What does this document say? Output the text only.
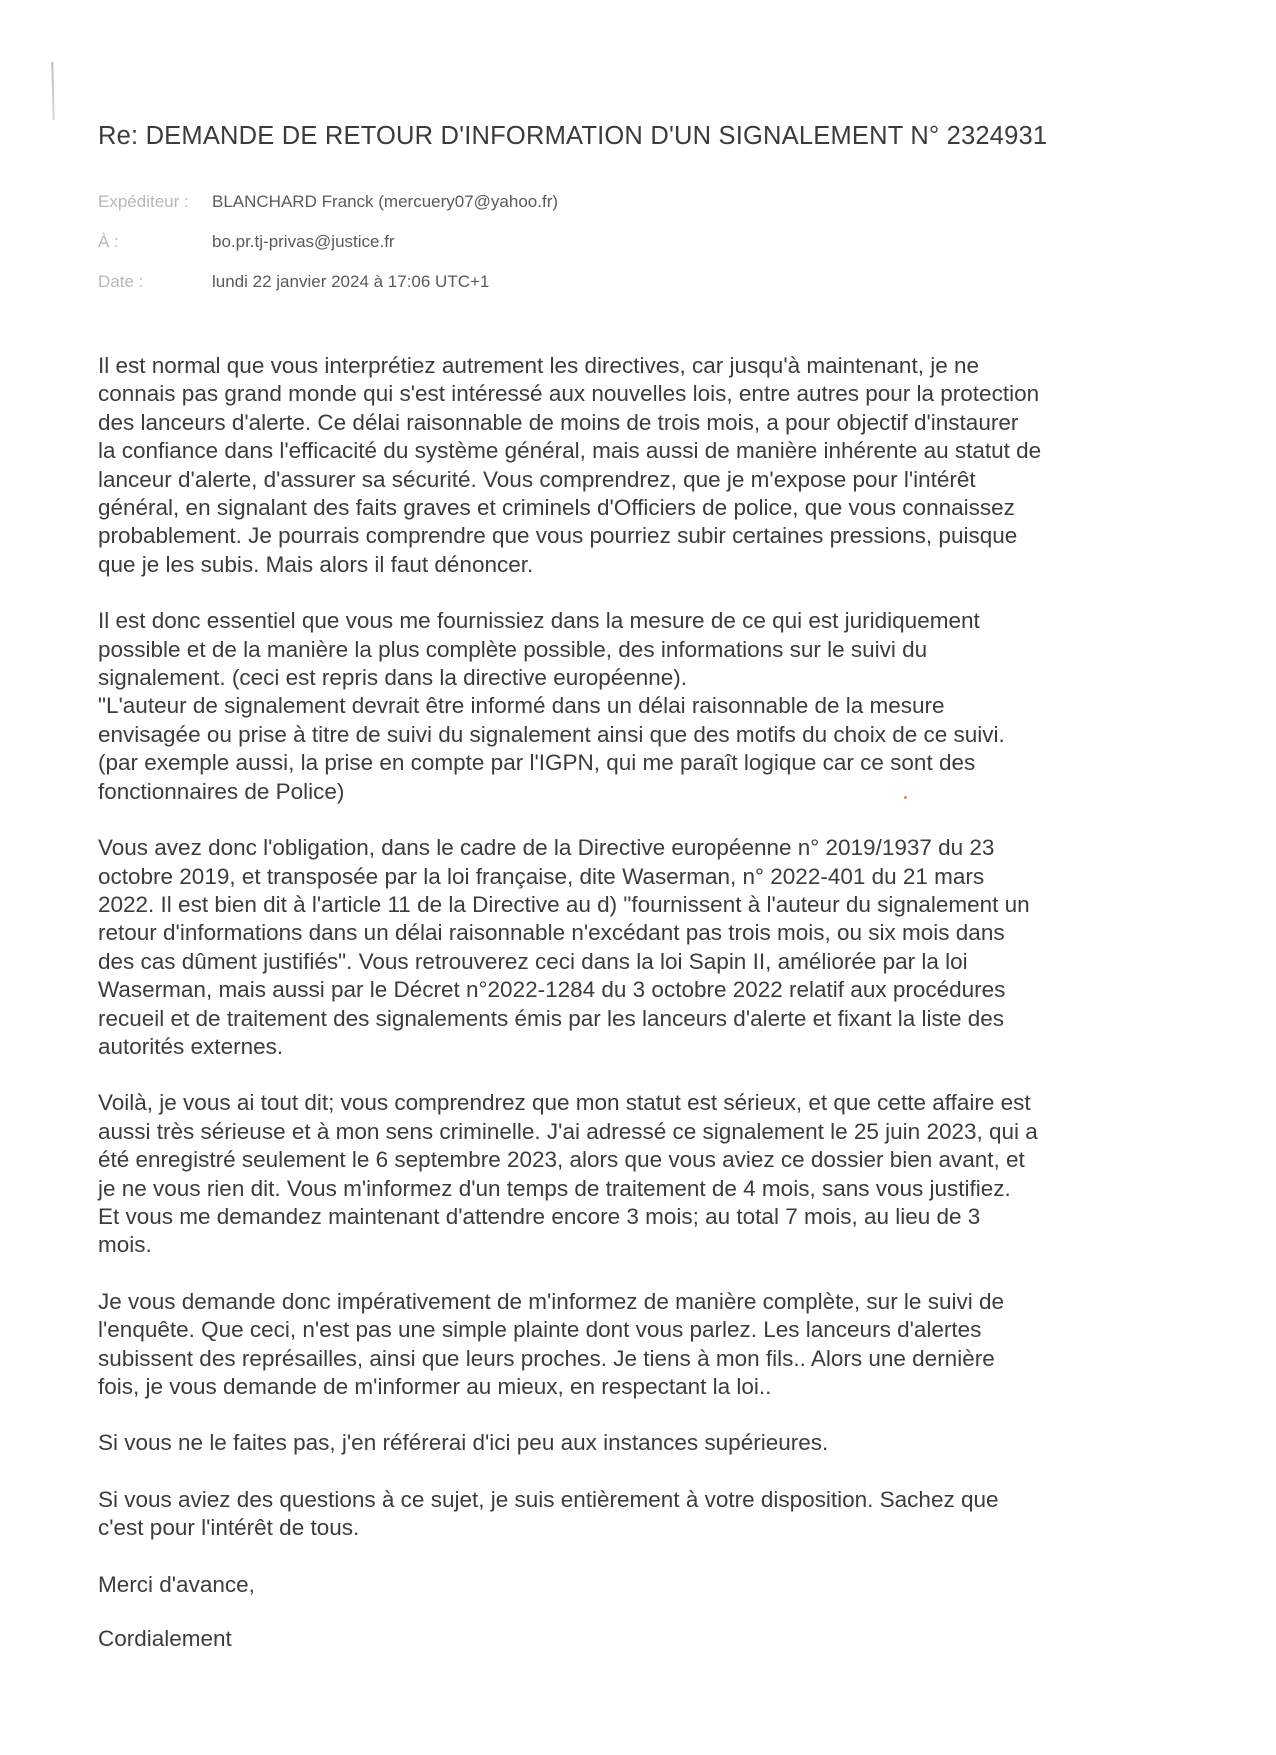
Re: DEMANDE DE RETOUR D'INFORMATION D'UN SIGNALEMENT N° 2324931
Expéditeur : BLANCHARD Franck (mercuery07@yahoo.fr)
À :	bo.pr.tj-privas@justice.fr
Date :	lundi 22 janvier 2024 à 17:06 UTC+1
Il est normal que vous interprétiez autrement les directives, car jusqu'à maintenant, je ne
connais pas grand monde qui s'est intéressé aux nouvelles lois, entre autres pour la protection
des lanceurs d'alerte. Ce délai raisonnable de moins de trois mois, a pour objectif d'instaurer
la confiance dans l'efficacité du système général, mais aussi de manière inhérente au statut de
lanceur d'alerte, d'assurer sa sécurité. Vous comprendrez, que je m'expose pour l'intérêt
général, en signalant des faits graves et criminels d'Officiers de police, que vous connaissez
probablement. Je pourrais comprendre que vous pourriez subir certaines pressions, puisque
que je les subis. Mais alors il faut dénoncer.
Il est donc essentiel que vous me fournissiez dans la mesure de ce qui est juridiquement
possible et de la manière la plus complète possible, des informations sur le suivi du
signalement. (ceci est repris dans la directive européenne).
"L'auteur de signalement devrait être informé dans un délai raisonnable de la mesure
envisagée ou prise à titre de suivi du signalement ainsi que des motifs du choix de ce suivi.
(par exemple aussi, la prise en compte par l'IGPN, qui me paraît logique car ce sont des
fonctionnaires de Police)
Vous avez donc l'obligation, dans le cadre de la Directive européenne n° 2019/1937 du 23
octobre 2019, et transposée par la loi française, dite Waserman, n° 2022-401 du 21 mars
2022. Il est bien dit à l'article 11 de la Directive au d) "fournissent à l'auteur du signalement un
retour d'informations dans un délai raisonnable n'excédant pas trois mois, ou six mois dans
des cas dûment justifiés". Vous retrouverez ceci dans la loi Sapin II, améliorée par la loi
Waserman, mais aussi par le Décret n°2022-1284 du 3 octobre 2022 relatif aux procédures
recueil et de traitement des signalements émis par les lanceurs d'alerte et fixant la liste des
autorités externes.
Voilà, je vous ai tout dit; vous comprendrez que mon statut est sérieux, et que cette affaire est
aussi très sérieuse et à mon sens criminelle. J'ai adressé ce signalement le 25 juin 2023, qui a
été enregistré seulement le 6 septembre 2023, alors que vous aviez ce dossier bien avant, et
je ne vous rien dit. Vous m'informez d'un temps de traitement de 4 mois, sans vous justifiez.
Et vous me demandez maintenant d'attendre encore 3 mois; au total 7 mois, au lieu de 3
mois.
Je vous demande donc impérativement de m'informez de manière complète, sur le suivi de
l'enquête. Que ceci, n'est pas une simple plainte dont vous parlez. Les lanceurs d'alertes
subissent des représailles, ainsi que leurs proches. Je tiens à mon fils.. Alors une dernière
fois, je vous demande de m'informer au mieux, en respectant la loi..
Si vous ne le faites pas, j'en référerai d'ici peu aux instances supérieures.
Si vous aviez des questions à ce sujet, je suis entièrement à votre disposition. Sachez que
c'est pour l'intérêt de tous.
Merci d'avance,
Cordialement
